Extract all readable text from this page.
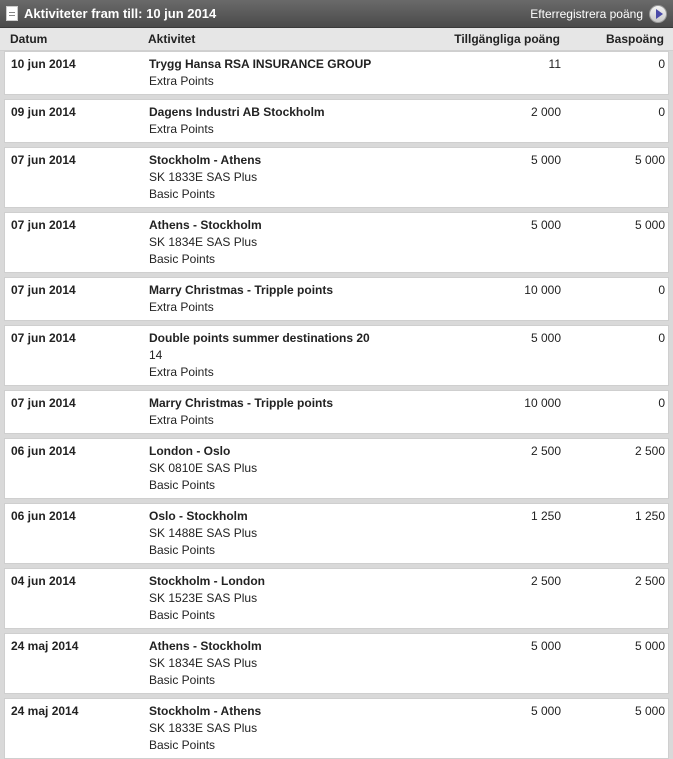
Aktiviteter fram till: 10 jun 2014	Efterregistrera poäng
Datum	Aktivitet	Tillgängliga poäng	Baspoäng
10 jun 2014	Trygg Hansa RSA INSURANCE GROUP
Extra Points
11	0
09 jun 2014	Dagens Industri AB Stockholm
Extra Points
2 000	0
07 jun 2014	Stockholm - Athens
SK 1833E SAS Plus
Basic Points
5 000	5 000
07 jun 2014	Athens - Stockholm
SK 1834E SAS Plus
Basic Points
5 000	5 000
07 jun 2014	Marry Christmas - Tripple points
Extra Points
10 000	0
07 jun 2014	Double points summer destinations 20
14
Extra Points
5 000	0
07 jun 2014	Marry Christmas - Tripple points
Extra Points
10 000	0
06 jun 2014	London - Oslo
SK 0810E SAS Plus
Basic Points
2 500	2 500
06 jun 2014	Oslo - Stockholm
SK 1488E SAS Plus
Basic Points
1 250	1 250
04 jun 2014	Stockholm - London
SK 1523E SAS Plus
Basic Points
2 500	2 500
24 maj 2014	Athens - Stockholm
SK 1834E SAS Plus
Basic Points
5 000	5 000
24 maj 2014	Stockholm - Athens
SK 1833E SAS Plus
Basic Points
5 000	5 000
